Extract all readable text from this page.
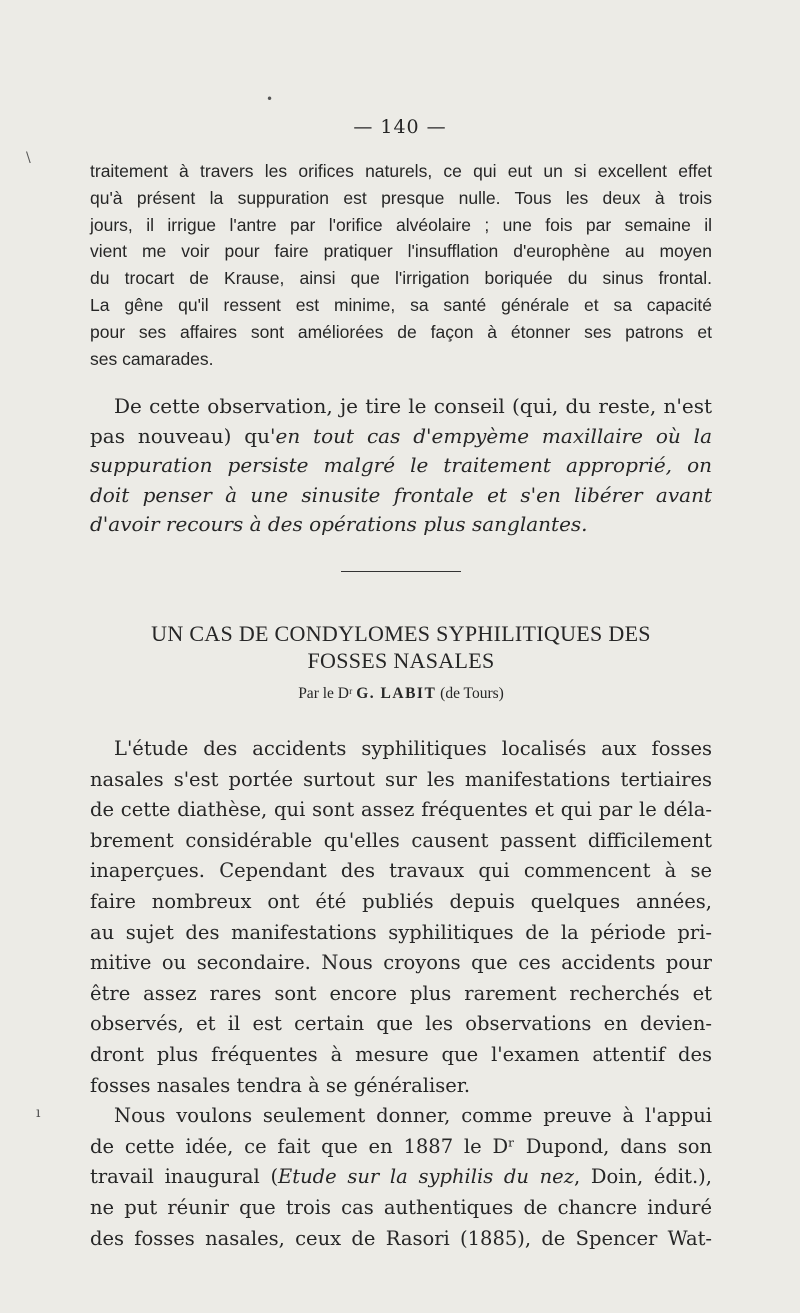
— 140 —
traitement à travers les orifices naturels, ce qui eut un si excellent effet
qu'à présent la suppuration est presque nulle. Tous les deux à trois
jours, il irrigue l'antre par l'orifice alvéolaire ; une fois par semaine il
vient me voir pour faire pratiquer l'insufflation d'europhène au moyen
du trocart de Krause, ainsi que l'irrigation boriquée du sinus frontal.
La gêne qu'il ressent est minime, sa santé générale et sa capacité
pour ses affaires sont améliorées de façon à étonner ses patrons et
ses camarades.
De cette observation, je tire le conseil (qui, du reste, n'est
pas nouveau) qu'en tout cas d'empyème maxillaire où la
suppuration persiste malgré le traitement approprié, on
doit penser à une sinusite frontale et s'en libérer avant
d'avoir recours à des opérations plus sanglantes.
UN CAS DE CONDYLOMES SYPHILITIQUES DES
FOSSES NASALES
Par le Dʳ G. LABIT (de Tours)
L'étude des accidents syphilitiques localisés aux fosses
nasales s'est portée surtout sur les manifestations tertiaires
de cette diathèse, qui sont assez fréquentes et qui par le déla-
brement considérable qu'elles causent passent difficilement
inaperçues. Cependant des travaux qui commencent à se
faire nombreux ont été publiés depuis quelques années,
au sujet des manifestations syphilitiques de la période pri-
mitive ou secondaire. Nous croyons que ces accidents pour
être assez rares sont encore plus rarement recherchés et
observés, et il est certain que les observations en devien-
dront plus fréquentes à mesure que l'examen attentif des
fosses nasales tendra à se généraliser.
Nous voulons seulement donner, comme preuve à l'appui
de cette idée, ce fait que en 1887 le Dʳ Dupond, dans son
travail inaugural (Etude sur la syphilis du nez, Doin, édit.),
ne put réunir que trois cas authentiques de chancre induré
des fosses nasales, ceux de Rasori (1885), de Spencer Wat-
\
•
ı
